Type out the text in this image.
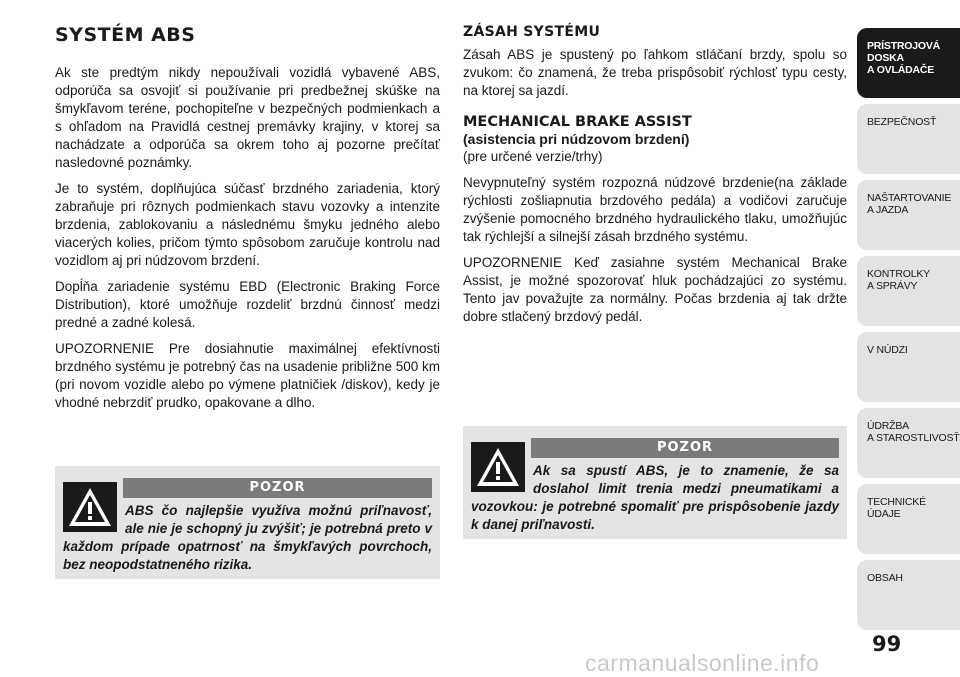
SYSTÉM ABS

Ak ste predtým nikdy nepoužívali vozidlá vybavené ABS, odporúča sa osvojiť si používanie pri predbežnej skúške na šmykľavom teréne, pochopiteľne v bezpečných podmienkach a s ohľadom na Pravidlá cestnej premávky krajiny, v ktorej sa nachádzate a odporúča sa okrem toho aj pozorne prečítať nasledovné poznámky.

Je to systém, doplňujúca súčasť brzdného zariadenia, ktorý zabraňuje pri rôznych podmienkach stavu vozovky a intenzite brzdenia, zablokovaniu a následnému šmyku jedného alebo viacerých kolies, pričom týmto spôsobom zaručuje kontrolu nad vozidlom aj pri núdzovom brzdení.

Dopĺňa zariadenie systému EBD (Electronic Braking Force Distribution), ktoré umožňuje rozdeliť brzdnú činnosť medzi predné a zadné kolesá.

UPOZORNENIE Pre dosiahnutie maximálnej efektívnosti brzdného systému je potrebný čas na usadenie približne 500 km (pri novom vozidle alebo po výmene platničiek /diskov), kedy je vhodné nebrzdiť prudko, opakovane a dlho.

POZOR
ABS čo najlepšie využíva možnú priľnavosť, ale nie je schopný ju zvýšiť; je potrebná preto v každom prípade opatrnosť na šmykľavých povrchoch, bez neopodstatneného rizika.
ZÁSAH SYSTÉMU

Zásah ABS je spustený po ľahkom stláčaní brzdy, spolu so zvukom: čo znamená, že treba prispôsobiť rýchlosť typu cesty, na ktorej sa jazdí.

MECHANICAL BRAKE ASSIST
(asistencia pri núdzovom brzdení)
(pre určené verzie/trhy)

Nevypnuteľný systém rozpozná núdzové brzdenie(na základe rýchlosti zošliapnutia brzdového pedála) a vodičovi zaručuje zvýšenie pomocného brzdného hydraulického tlaku, umožňujúc tak rýchlejší a silnejší zásah brzdného systému.

UPOZORNENIE Keď zasiahne systém Mechanical Brake Assist, je možné spozorovať hluk pochádzajúci zo systému. Tento jav považujte za normálny. Počas brzdenia aj tak držte dobre stlačený brzdový pedál.

POZOR
Ak sa spustí ABS, je to znamenie, že sa doslahol limit trenia medzi pneumatikami a vozovkou: je potrebné spomaliť pre prispôsobenie jazdy k danej priľnavosti.
PRÍSTROJOVÁ
DOSKA
A OVLÁDAČE
BEZPEČNOSŤ
NAŠTARTOVANIE
A JAZDA
KONTROLKY
A SPRÁVY
V NÚDZI
ÚDRŽBA
A STAROSTLIVOSŤ
TECHNICKÉ ÚDAJE
OBSAH
99
carmanualsonline.info
